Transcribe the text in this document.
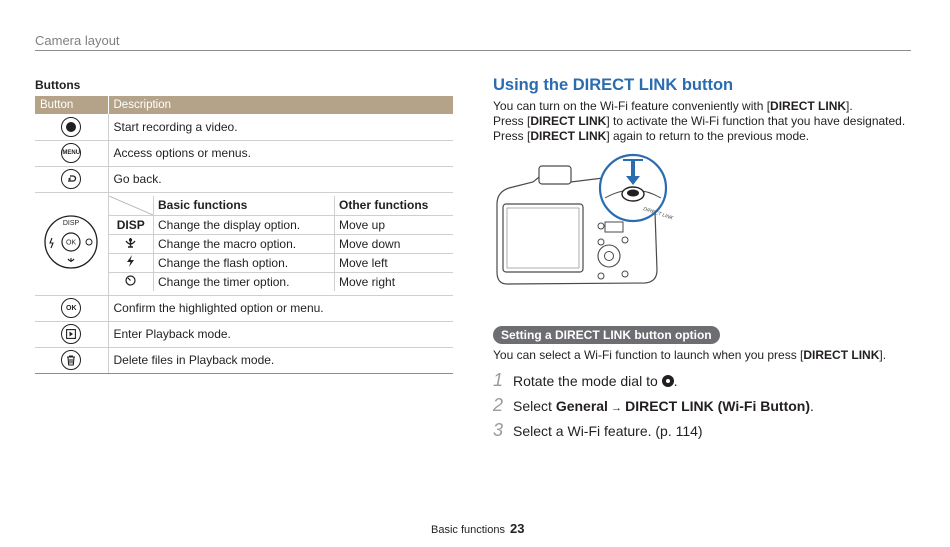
Camera layout
Buttons
Button	Description
	Start recording a video.
MENU	Access options or menus.

	Go back.

OK
DISP

	Basic functions	Other functions
DISP	Change the display option.	Move up
	Change the macro option.	Move down
	Change the flash option.	Move left
	Change the timer option.	Move right

OK	Confirm the highlighted option or menu.

	Enter Playback mode.

	Delete files in Playback mode.
Using the DIRECT LINK button
You can turn on the Wi-Fi feature conveniently with [DIRECT LINK].
Press [DIRECT LINK] to activate the Wi-Fi function that you have designated.
Press [DIRECT LINK] again to return to the previous mode.
DIRECT LINK
Setting a DIRECT LINK button option
You can select a Wi-Fi function to launch when you press [DIRECT LINK].
1 Rotate the mode dial to .
2 Select General → DIRECT LINK (Wi-Fi Button).
3 Select a Wi-Fi feature. (p. 114)
Basic functions 23
